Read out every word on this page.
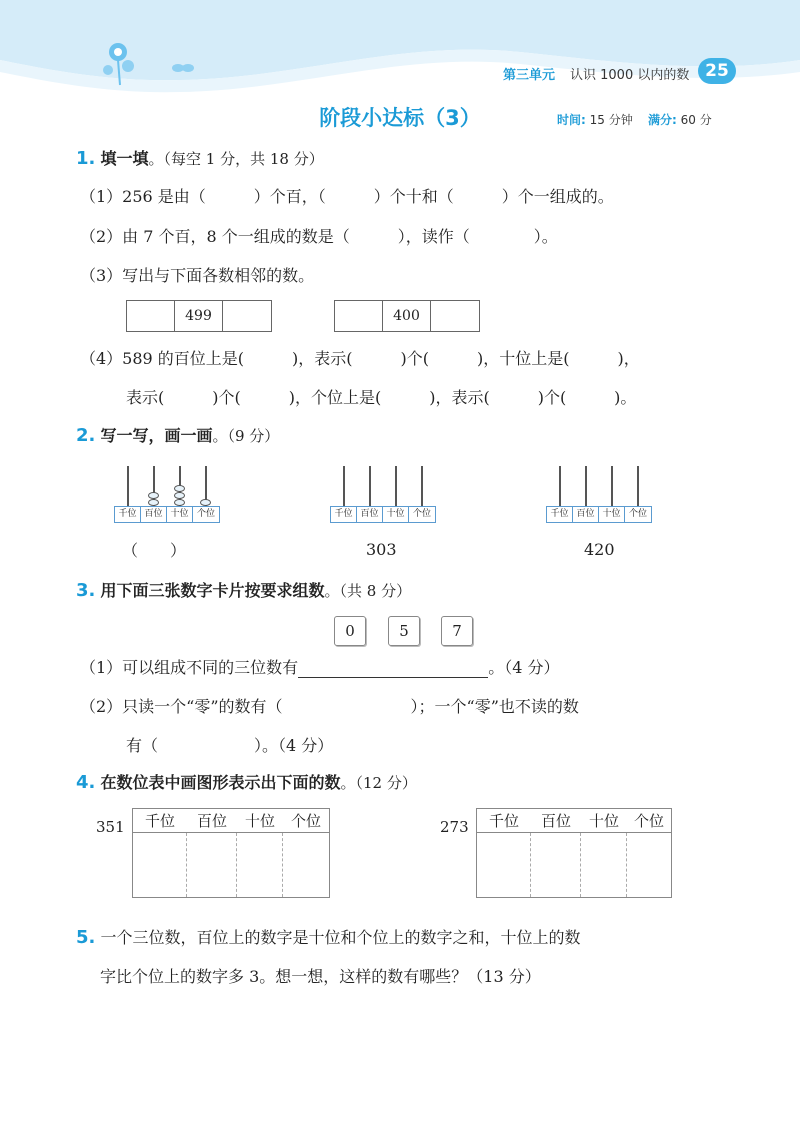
第三单元 认识 1000 以内的数 25
阶段小达标（3）	时间: 15 分钟 满分: 60 分
1. 填一填。（每空 1 分，共 18 分）
（1）256 是由（　　　）个百，（　　　）个十和（　　　）个一组成的。
（2）由 7 个百，8 个一组成的数是（　　　），读作（　　　　）。
（3）写出与下面各数相邻的数。
499	400
（4）589 的百位上是(　　　)，表示(　　　)个(　　　)，十位上是(　　　)，
表示(　　　)个(　　　)，个位上是(　　　)，表示(　　　)个(　　　)。
2. 写一写，画一画。（9 分）
千位 百位 十位 个位	千位 百位 十位 个位	千位 百位 十位 个位
（　　）	303	420
3. 用下面三张数字卡片按要求组数。（共 8 分）
0	5	7
（1）可以组成不同的三位数有	。（4 分）
（2）只读一个“零”的数有（　　　　　　　　）；一个“零”也不读的数
有（　　　　　　）。（4 分）
4. 在数位表中画图形表示出下面的数。（12 分）
351	千位	百位	十位	个位	273	千位	百位	十位 个位
5. 一个三位数，百位上的数字是十位和个位上的数字之和，十位上的数
字比个位上的数字多 3。想一想，这样的数有哪些？（13 分）
